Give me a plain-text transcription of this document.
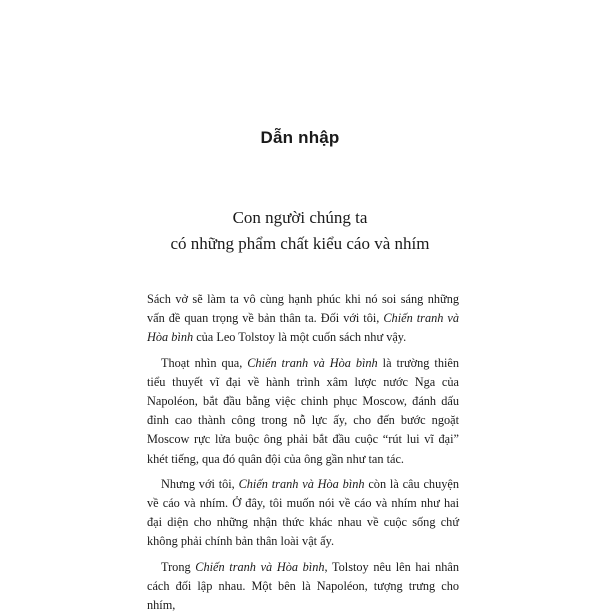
Dẫn nhập
Con người chúng ta
có những phẩm chất kiểu cáo và nhím

Sách vở sẽ làm ta vô cùng hạnh phúc khi nó soi sáng những vấn đề quan trọng về bản thân ta. Đối với tôi, Chiến tranh và Hòa bình của Leo Tolstoy là một cuốn sách như vậy.

Thoạt nhìn qua, Chiến tranh và Hòa bình là trường thiên tiểu thuyết vĩ đại về hành trình xâm lược nước Nga của Napoléon, bắt đầu bằng việc chinh phục Moscow, đánh dấu đỉnh cao thành công trong nỗ lực ấy, cho đến bước ngoặt Moscow rực lửa buộc ông phải bắt đầu cuộc “rút lui vĩ đại” khét tiếng, qua đó quân đội của ông gần như tan tác.

Nhưng với tôi, Chiến tranh và Hòa bình còn là câu chuyện về cáo và nhím. Ở đây, tôi muốn nói về cáo và nhím như hai đại diện cho những nhận thức khác nhau về cuộc sống chứ không phải chính bản thân loài vật ấy.

Trong Chiến tranh và Hòa bình, Tolstoy nêu lên hai nhân cách đối lập nhau. Một bên là Napoléon, tượng trưng cho nhím,
